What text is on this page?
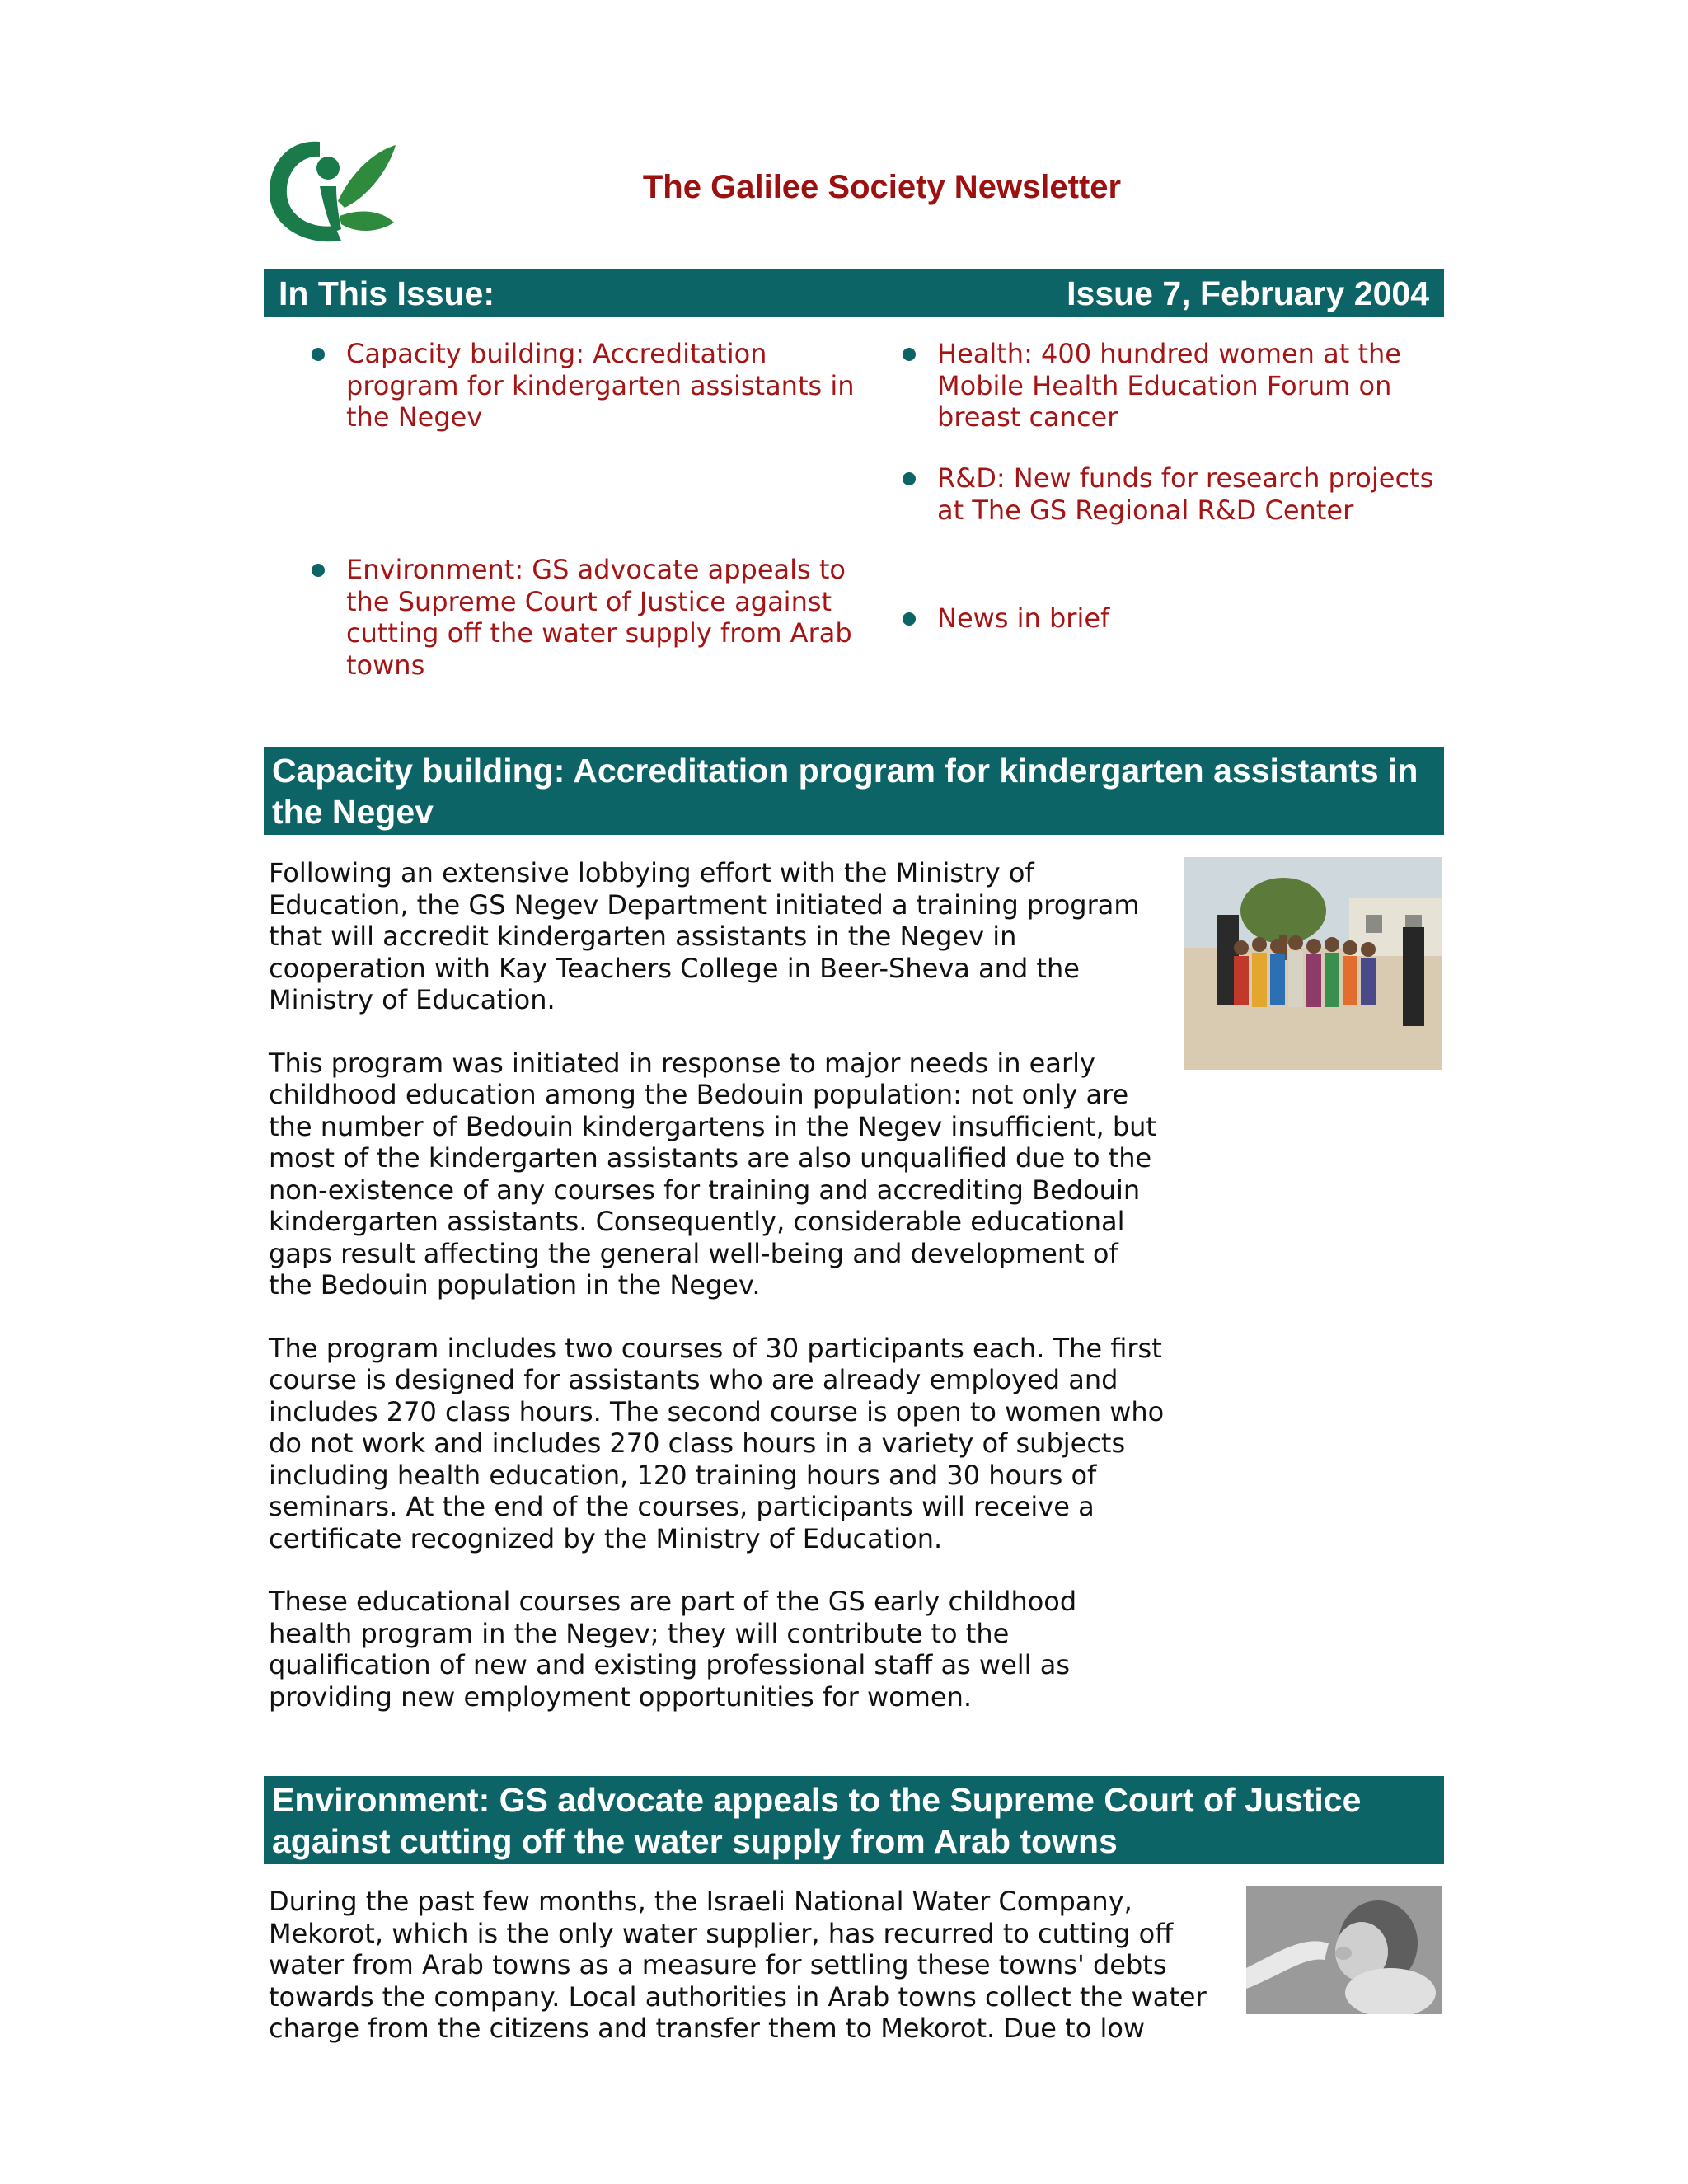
The Galilee Society Newsletter
In This Issue:	Issue 7, February 2004
Capacity building: Accreditation program for kindergarten assistants in the Negev
Environment: GS advocate appeals to the Supreme Court of Justice against cutting off the water supply from Arab towns
Health: 400 hundred women at the Mobile Health Education Forum on breast cancer
R&D: New funds for research projects at The GS Regional R&D Center
News in brief
Capacity building: Accreditation program for kindergarten assistants in the Negev

Following an extensive lobbying effort with the Ministry of Education, the GS Negev Department initiated a training program that will accredit kindergarten assistants in the Negev in cooperation with Kay Teachers College in Beer-Sheva and the Ministry of Education.

This program was initiated in response to major needs in early childhood education among the Bedouin population: not only are the number of Bedouin kindergartens in the Negev insufficient, but most of the kindergarten assistants are also unqualified due to the non-existence of any courses for training and accrediting Bedouin kindergarten assistants. Consequently, considerable educational gaps result affecting the general well-being and development of the Bedouin population in the Negev.

The program includes two courses of 30 participants each. The first course is designed for assistants who are already employed and includes 270 class hours. The second course is open to women who do not work and includes 270 class hours in a variety of subjects including health education, 120 training hours and 30 hours of seminars. At the end of the courses, participants will receive a certificate recognized by the Ministry of Education.

These educational courses are part of the GS early childhood health program in the Negev; they will contribute to the qualification of new and existing professional staff as well as providing new employment opportunities for women.

Environment: GS advocate appeals to the Supreme Court of Justice against cutting off the water supply from Arab towns

During the past few months, the Israeli National Water Company, Mekorot, which is the only water supplier, has recurred to cutting off water from Arab towns as a measure for settling these towns' debts towards the company. Local authorities in Arab towns collect the water charge from the citizens and transfer them to Mekorot. Due to low
